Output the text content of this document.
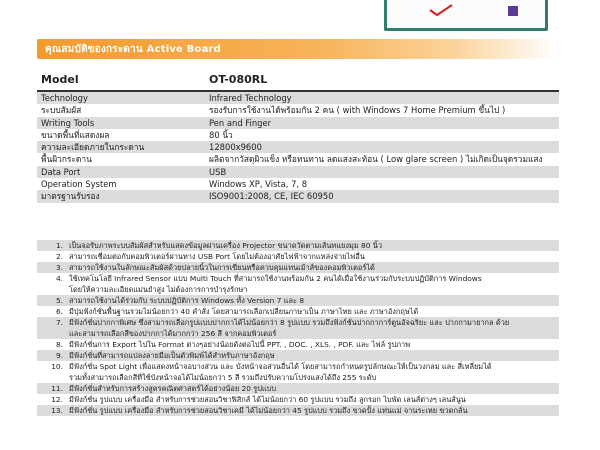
คุณสมบัติของกระดาน Active Board
Model	OT-080RL
Technology	Infrared Technology
ระบบสัมผัส	รองรับการใช้งานได้พร้อมกัน 2 คน ( with Windows 7 Home Premium ขึ้นไป )
Writing Tools	Pen and Finger
ขนาดพื้นที่แสดงผล	80 นิ้ว
ความละเอียดภายในกระดาน	12800x9600
พื้นผิวกระดาน	ผลิตจากวัสดุผิวแข็ง หรือทนทาน ลดแสงสะท้อน ( Low glare screen ) ไม่เกิดเป็นจุดรวมแสง
Data Port	USB
Operation System	Windows XP, Vista, 7, 8
มาตรฐานรับรอง	ISO9001:2008, CE, IEC 60950
1. เป็นจอรับภาพระบบสัมผัสสำหรับแสดงข้อมูลผ่านเครื่อง Projector ขนาดวัดตามเส้นทแยงมุม 80 นิ้ว
2. สามารถเชื่อมต่อกับคอมพิวเตอร์ผ่านทาง USB Port โดยไม่ต้องอาศัยไฟฟ้าจากแหล่งจ่ายไฟอื่น
3. สามารถใช้งานในลักษณะสัมผัสด้วยปลายนิ้วในการเขียนหรือควบคุมแทนเม้าส์ของคอมพิวเตอร์ได้
4. ใช้เทคโนโลยี Infrared Sensor แบบ Multi Touch ที่สามารถใช้งานพร้อมกัน 2 คนได้เมื่อใช้งานร่วมกับระบบปฏิบัติการ Windows
โดยให้ความละเอียดแม่นยำสูง ไม่ต้องการการบำรุงรักษา
5. สามารถใช้งานได้ร่วมกับ ระบบปฏิบัติการ Windows ทั้ง Version 7 และ 8
6. มีปุ่มฟังก์ชั่นพื้นฐานรวมไม่น้อยกว่า 40 คำสั่ง โดยสามารถเลือกเปลี่ยนภาษาเป็น ภาษาไทย และ ภาษาอังกฤษได้
7. มีฟังก์ชั่นปากกาพิเศษ ซึ่งสามารถเลือกรูปแบบปากกาได้ไม่น้อยกว่า 8 รูปแบบ รวมถึงฟังก์ชั่นปากกาการ์ตูนอัจฉริยะ และ ปากกามายากล ด้วย
และสามารถเลือกสีของปากกาได้มากกว่า 256 สี จากคอมพิวเตอร์
8. มีฟังก์ชั่นการ Export ไปใน Format ต่างๆอย่างน้อยดังต่อไปนี้ PPT. , DOC. , XLS. , PDF. และ ไฟล์ รูปภาพ
9. มีฟังก์ชั่นที่สามารถแปลงลายมือเป็นตัวพิมพ์ได้สำหรับภาษาอังกฤษ
10. มีฟังก์ชั่น Spot Light เพื่อแสดงหน้าจอบางส่วน และ บังหน้าจอส่วนอื่นได้ โดยสามารถกำหนดรูปลักษณะให้เป็นวงกลม และ สี่เหลี่ยมได้
รวมทั้งสามารถเลือกสีที่ใช้บังหน้าจอได้ไม่น้อยกว่า 5 สี รวมถึงปรับความโปร่งแสงได้ถึง 255 ระดับ
11. มีฟังก์ชั่นสำหรับการสร้างสูตรคณิตศาสตร์ได้อย่างน้อย 20 รูปแบบ
12. มีฟังก์ชั่น รูปแบบ เครื่องมือ สำหรับการช่วยสอนวิชาฟิสิกส์ ได้ไม่น้อยกว่า 60 รูปแบบ รวมถึง ลูกรอก ไบพัด เลนส์ต่างๆ เลนส์นูน
13. มีฟังก์ชั่น รูปแบบ เครื่องมือ สำหรับการช่วยสอนวิชาเคมี ได้ไม่น้อยกว่า 45 รูปแบบ รวมถึง ขวดปั้ง แท่นแม่ จานระเหย ขวดกลั่น
